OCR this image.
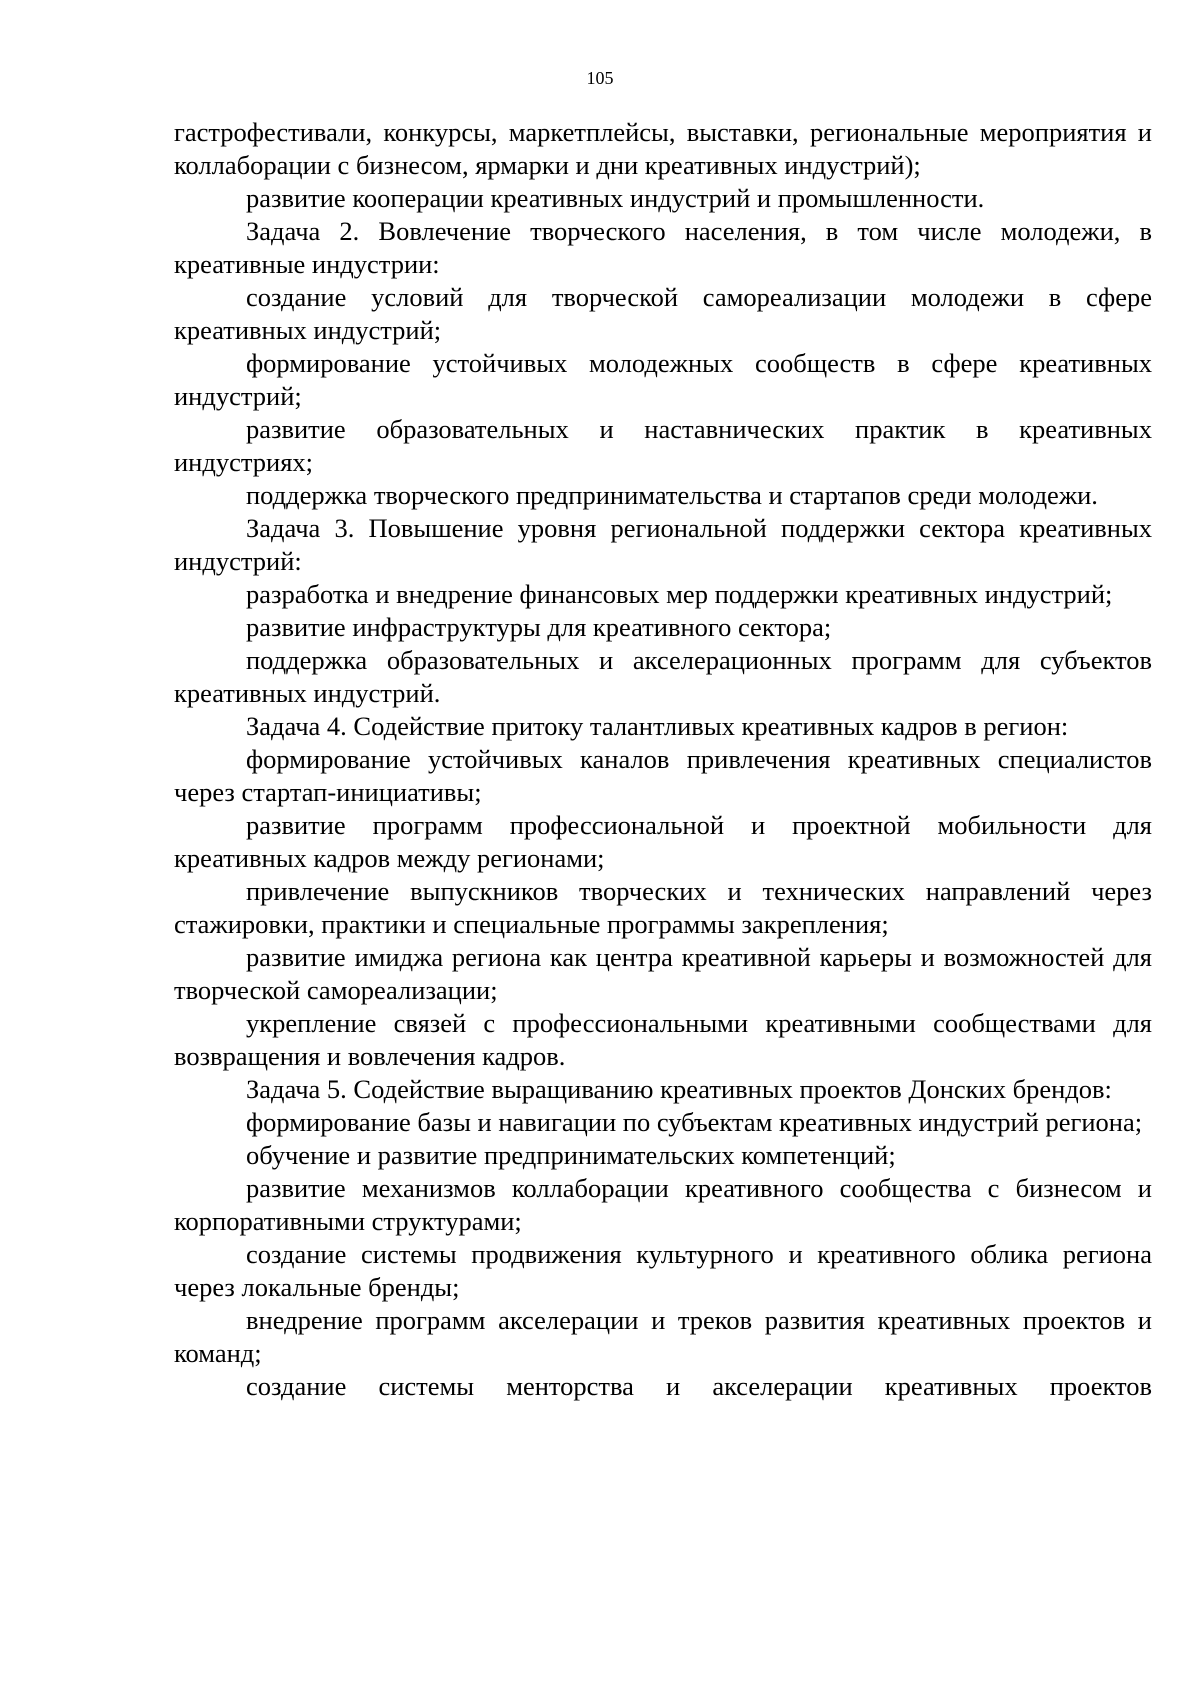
105

гастрофестивали, конкурсы, маркетплейсы, выставки, региональные мероприятия и коллаборации с бизнесом, ярмарки и дни креативных индустрий);

развитие кооперации креативных индустрий и промышленности.

Задача 2. Вовлечение творческого населения, в том числе молодежи, в креативные индустрии:

создание условий для творческой самореализации молодежи в сфере креативных индустрий;

формирование устойчивых молодежных сообществ в сфере креативных индустрий;

развитие образовательных и наставнических практик в креативных индустриях;

поддержка творческого предпринимательства и стартапов среди молодежи.

Задача 3. Повышение уровня региональной поддержки сектора креативных индустрий:

разработка и внедрение финансовых мер поддержки креативных индустрий;

развитие инфраструктуры для креативного сектора;

поддержка образовательных и акселерационных программ для субъектов креативных индустрий.

Задача 4. Содействие притоку талантливых креативных кадров в регион:

формирование устойчивых каналов привлечения креативных специалистов через стартап-инициативы;

развитие программ профессиональной и проектной мобильности для креативных кадров между регионами;

привлечение выпускников творческих и технических направлений через стажировки, практики и специальные программы закрепления;

развитие имиджа региона как центра креативной карьеры и возможностей для творческой самореализации;

укрепление связей с профессиональными креативными сообществами для возвращения и вовлечения кадров.

Задача 5. Содействие выращиванию креативных проектов Донских брендов:

формирование базы и навигации по субъектам креативных индустрий региона;

обучение и развитие предпринимательских компетенций;

развитие механизмов коллаборации креативного сообщества с бизнесом и корпоративными структурами;

создание системы продвижения культурного и креативного облика региона через локальные бренды;

внедрение программ акселерации и треков развития креативных проектов и команд;

создание системы менторства и акселерации креативных проектов
